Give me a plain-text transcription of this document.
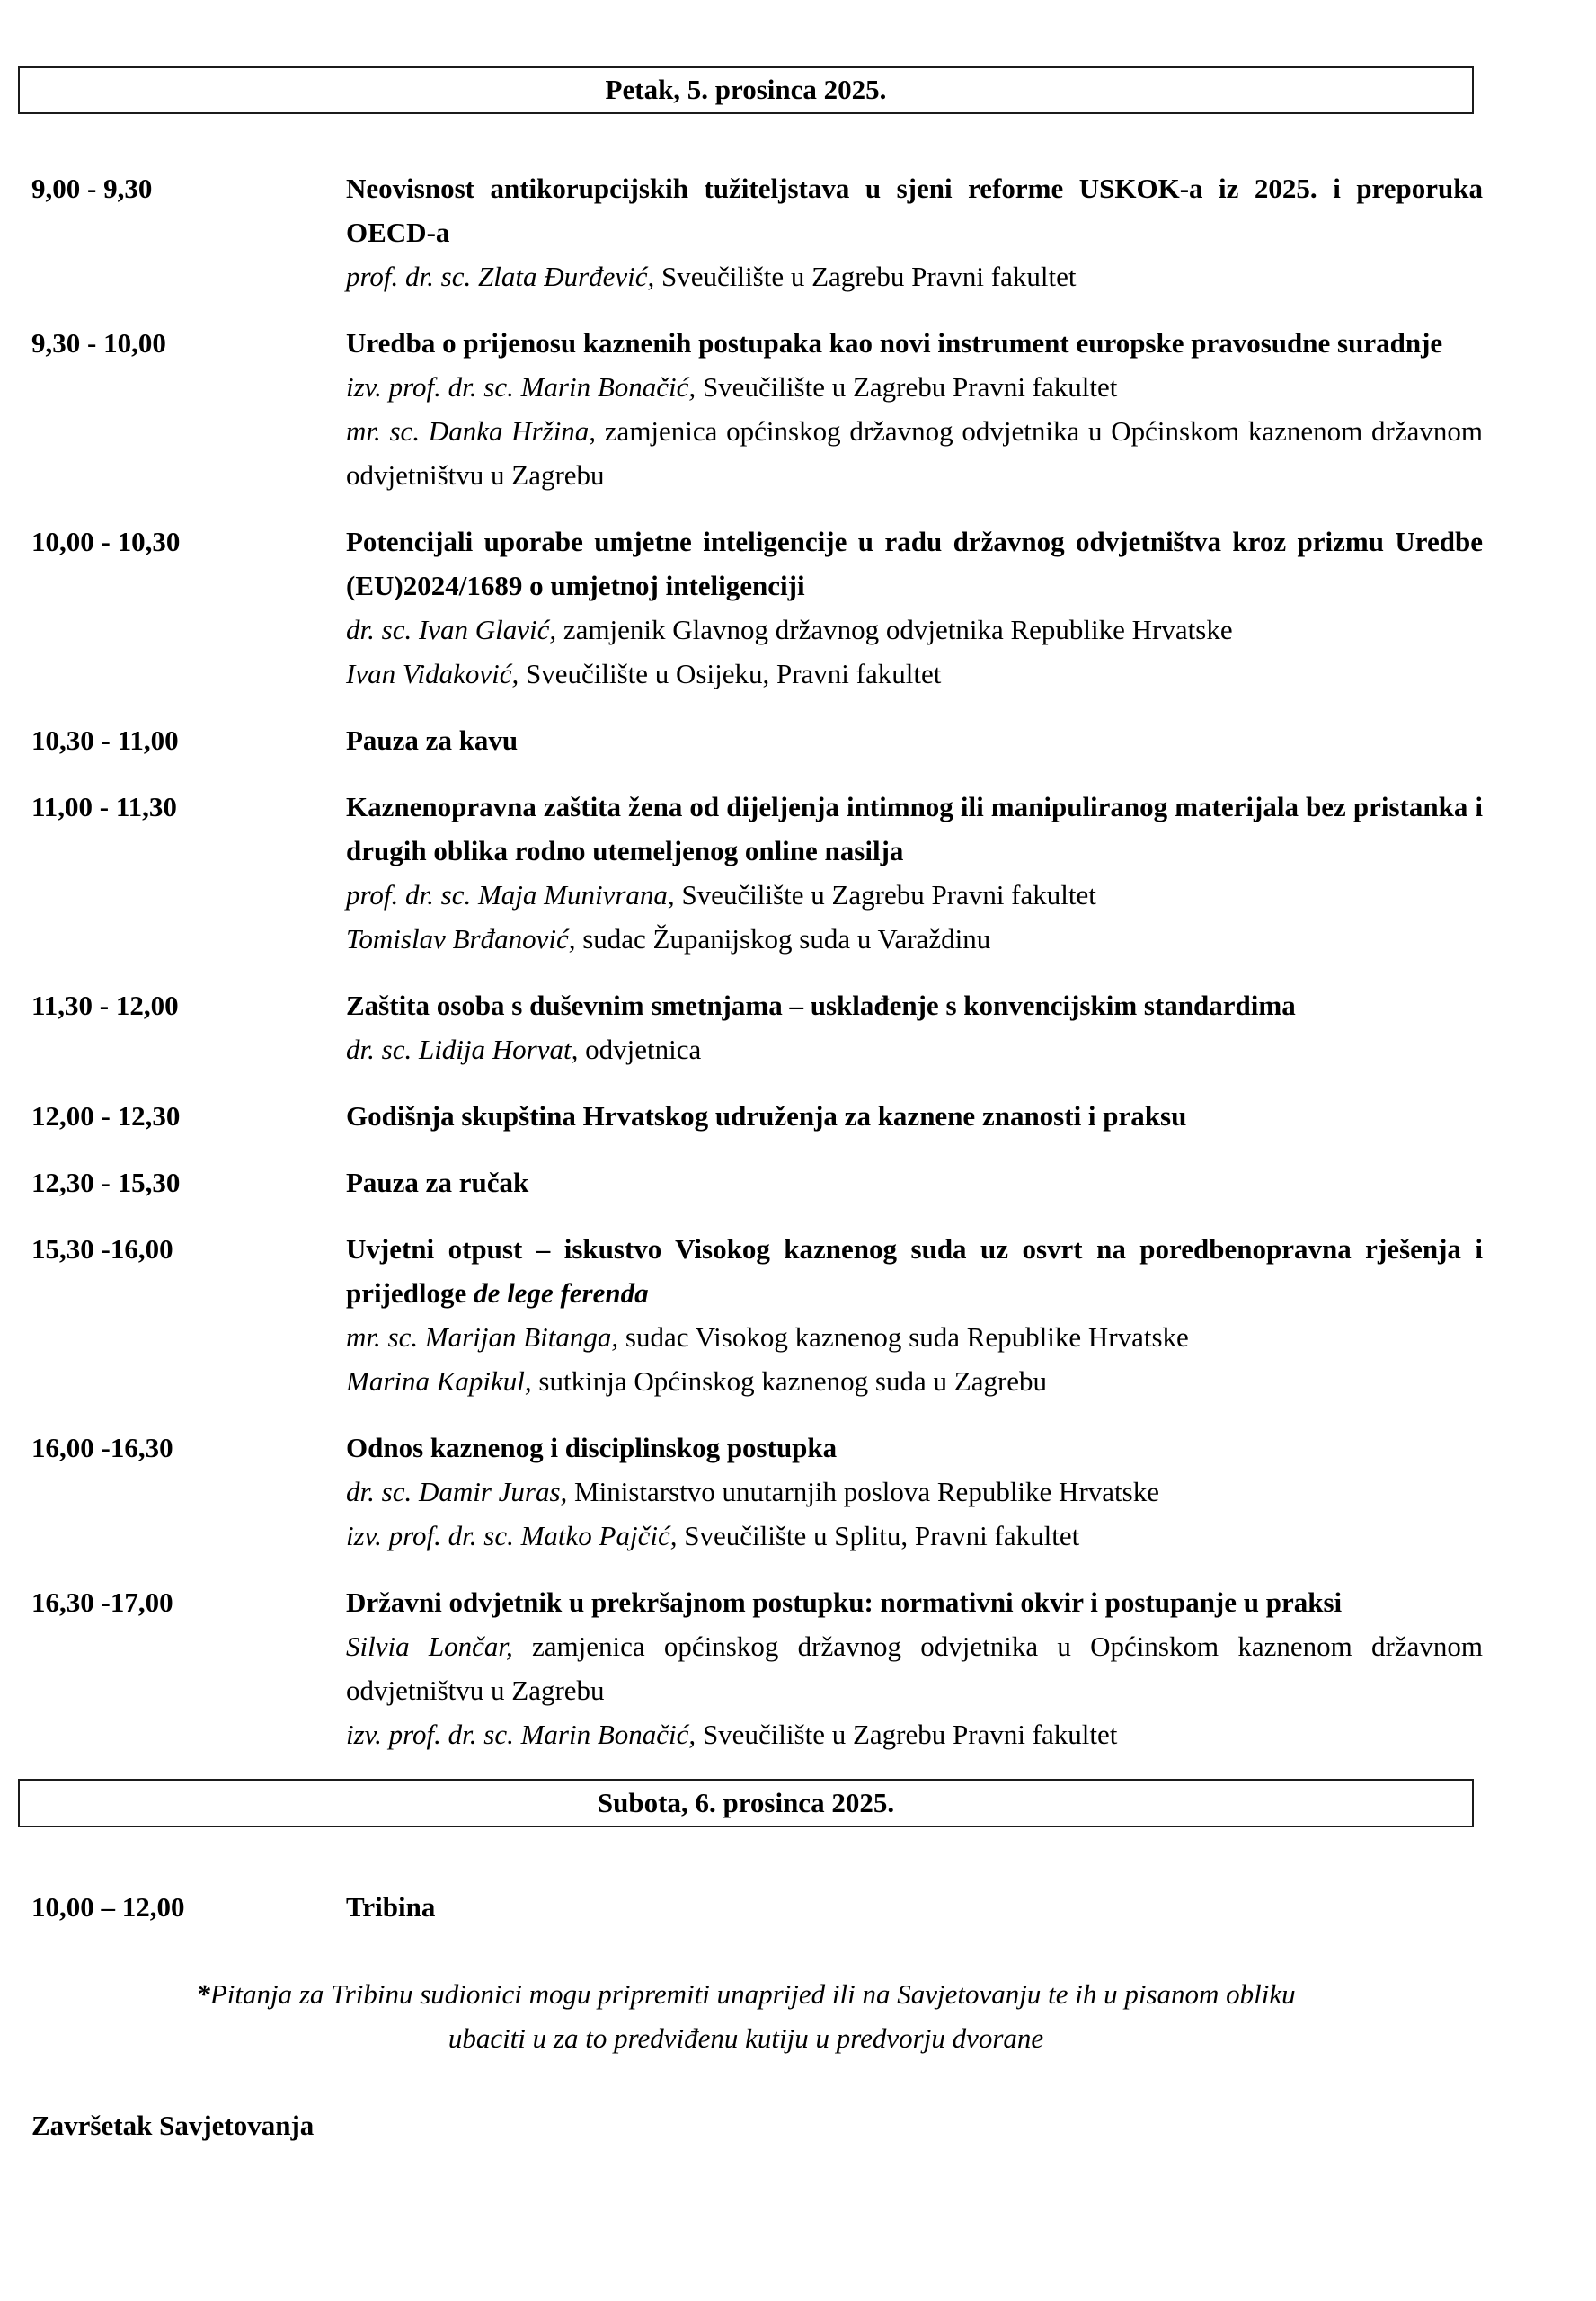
Petak, 5. prosinca 2025.
9,00 - 9,30	Neovisnost antikorupcijskih tužiteljstava u sjeni reforme USKOK-a iz 2025. i preporuka OECD-a

prof. dr. sc. Zlata Đurđević, Sveučilište u Zagrebu Pravni fakultet

9,30 - 10,00	Uredba o prijenosu kaznenih postupaka kao novi instrument europske pravosudne suradnje

izv. prof. dr. sc. Marin Bonačić, Sveučilište u Zagrebu Pravni fakultet

mr. sc. Danka Hržina, zamjenica općinskog državnog odvjetnika u Općinskom kaznenom državnom odvjetništvu u Zagrebu

10,00 - 10,30	Potencijali uporabe umjetne inteligencije u radu državnog odvjetništva kroz prizmu Uredbe (EU)2024/1689 o umjetnoj inteligenciji

dr. sc. Ivan Glavić, zamjenik Glavnog državnog odvjetnika Republike Hrvatske

Ivan Vidaković, Sveučilište u Osijeku, Pravni fakultet

10,30 - 11,00	Pauza za kavu

11,00 - 11,30	Kaznenopravna zaštita žena od dijeljenja intimnog ili manipuliranog materijala bez pristanka i drugih oblika rodno utemeljenog online nasilja

prof. dr. sc. Maja Munivrana, Sveučilište u Zagrebu Pravni fakultet

Tomislav Brđanović, sudac Županijskog suda u Varaždinu

11,30 - 12,00	Zaštita osoba s duševnim smetnjama – usklađenje s konvencijskim standardima

dr. sc. Lidija Horvat, odvjetnica

12,00 - 12,30	Godišnja skupština Hrvatskog udruženja za kaznene znanosti i praksu

12,30 - 15,30	Pauza za ručak

15,30 -16,00	Uvjetni otpust – iskustvo Visokog kaznenog suda uz osvrt na poredbenopravna rješenja i prijedloge de lege ferenda

mr. sc. Marijan Bitanga, sudac Visokog kaznenog suda Republike Hrvatske

Marina Kapikul, sutkinja Općinskog kaznenog suda u Zagrebu

16,00 -16,30	Odnos kaznenog i disciplinskog postupka

dr. sc. Damir Juras, Ministarstvo unutarnjih poslova Republike Hrvatske

izv. prof. dr. sc. Matko Pajčić, Sveučilište u Splitu, Pravni fakultet

16,30 -17,00	Državni odvjetnik u prekršajnom postupku: normativni okvir i postupanje u praksi

Silvia Lončar, zamjenica općinskog državnog odvjetnika u Općinskom kaznenom državnom odvjetništvu u Zagrebu

izv. prof. dr. sc. Marin Bonačić, Sveučilište u Zagrebu Pravni fakultet

Subota, 6. prosinca 2025.
10,00 – 12,00	Tribina

*Pitanja za Tribinu sudionici mogu pripremiti unaprijed ili na Savjetovanju te ih u pisanom obliku
ubaciti u za to predviđenu kutiju u predvorju dvorane
Završetak Savjetovanja
